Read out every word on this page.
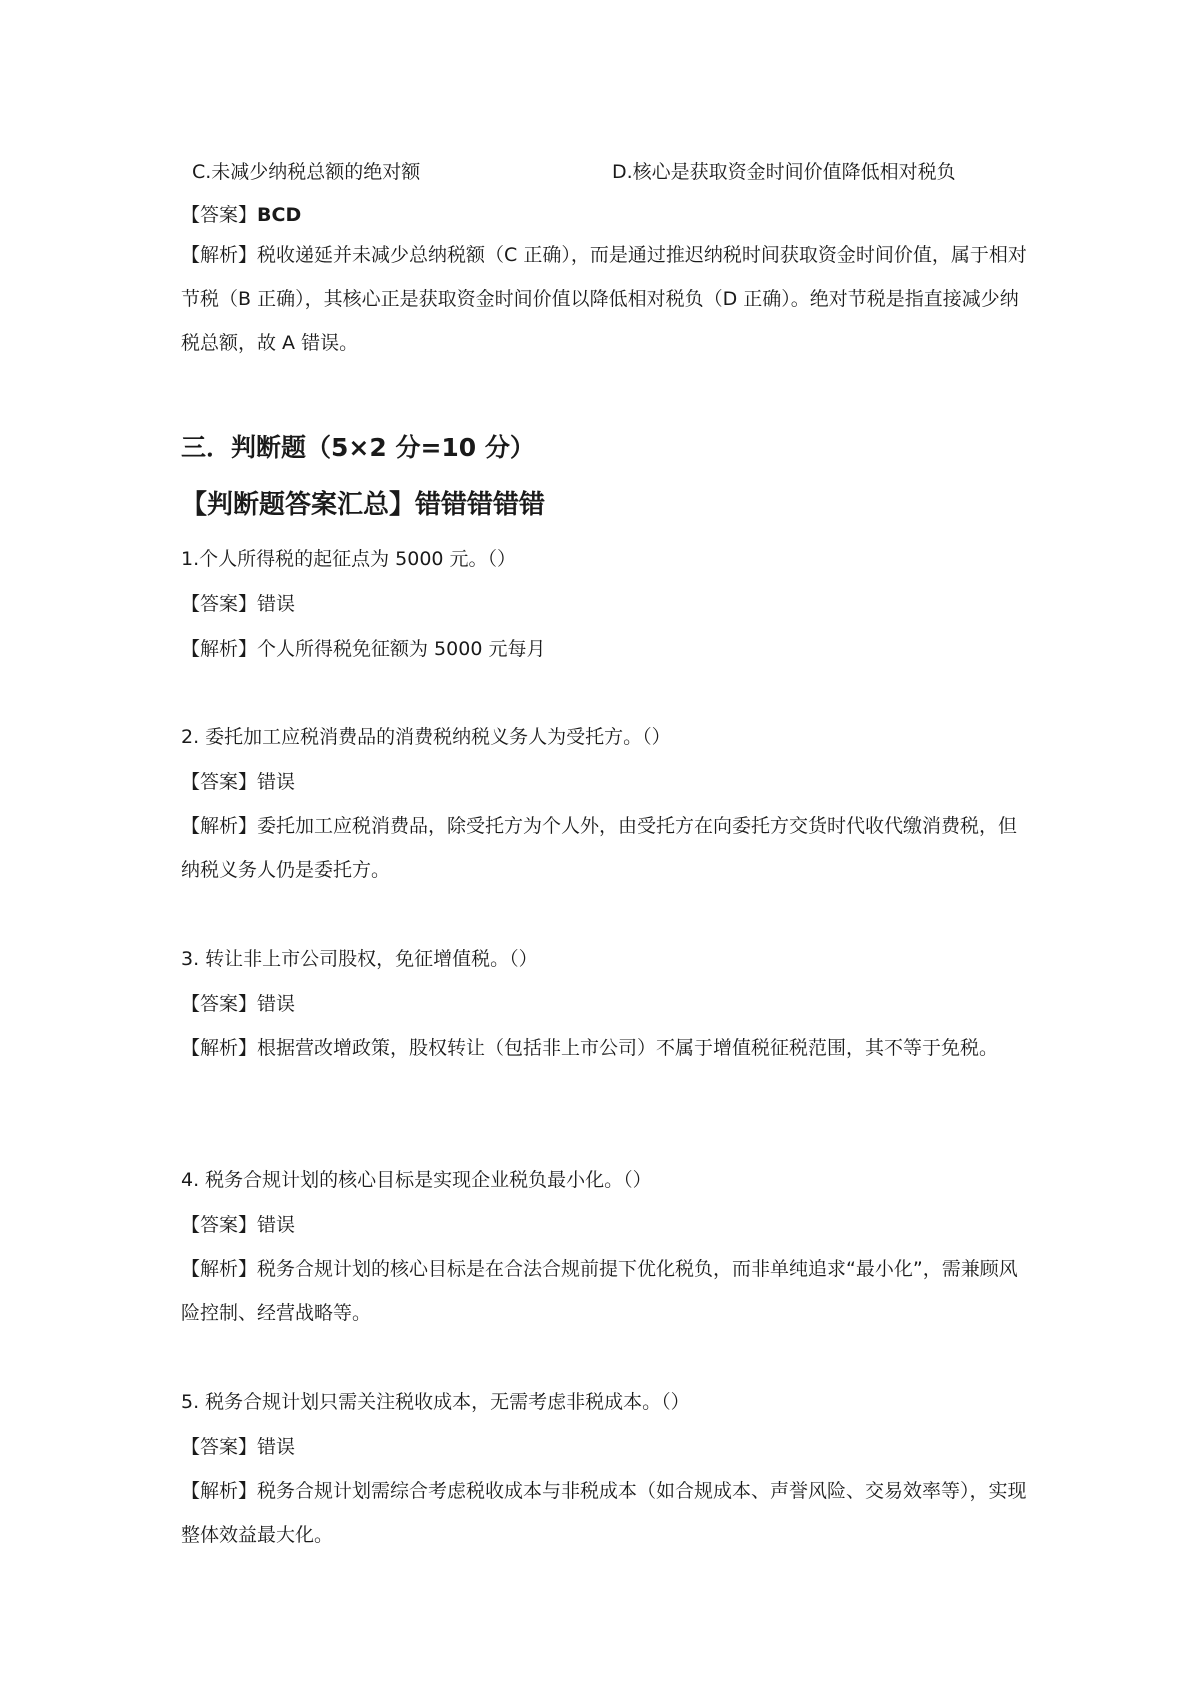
C.未减少纳税总额的绝对额	D.核心是获取资金时间价值降低相对税负
【答案】BCD
【解析】税收递延并未减少总纳税额（C 正确），而是通过推迟纳税时间获取资金时间价值，属于相对节税（B 正确），其核心正是获取资金时间价值以降低相对税负（D 正确）。绝对节税是指直接减少纳税总额，故 A 错误。
三．判断题（5×2 分=10 分）
【判断题答案汇总】错错错错错
1.个人所得税的起征点为 5000 元。（）
【答案】错误
【解析】个人所得税免征额为 5000 元每月
2. 委托加工应税消费品的消费税纳税义务人为受托方。（）
【答案】错误
【解析】委托加工应税消费品，除受托方为个人外，由受托方在向委托方交货时代收代缴消费税，但纳税义务人仍是委托方。
3. 转让非上市公司股权，免征增值税。（）
【答案】错误
【解析】根据营改增政策，股权转让（包括非上市公司）不属于增值税征税范围，其不等于免税。
4. 税务合规计划的核心目标是实现企业税负最小化。（）
【答案】错误
【解析】税务合规计划的核心目标是在合法合规前提下优化税负，而非单纯追求“最小化”，需兼顾风险控制、经营战略等。
5. 税务合规计划只需关注税收成本，无需考虑非税成本。（）
【答案】错误
【解析】税务合规计划需综合考虑税收成本与非税成本（如合规成本、声誉风险、交易效率等），实现整体效益最大化。
